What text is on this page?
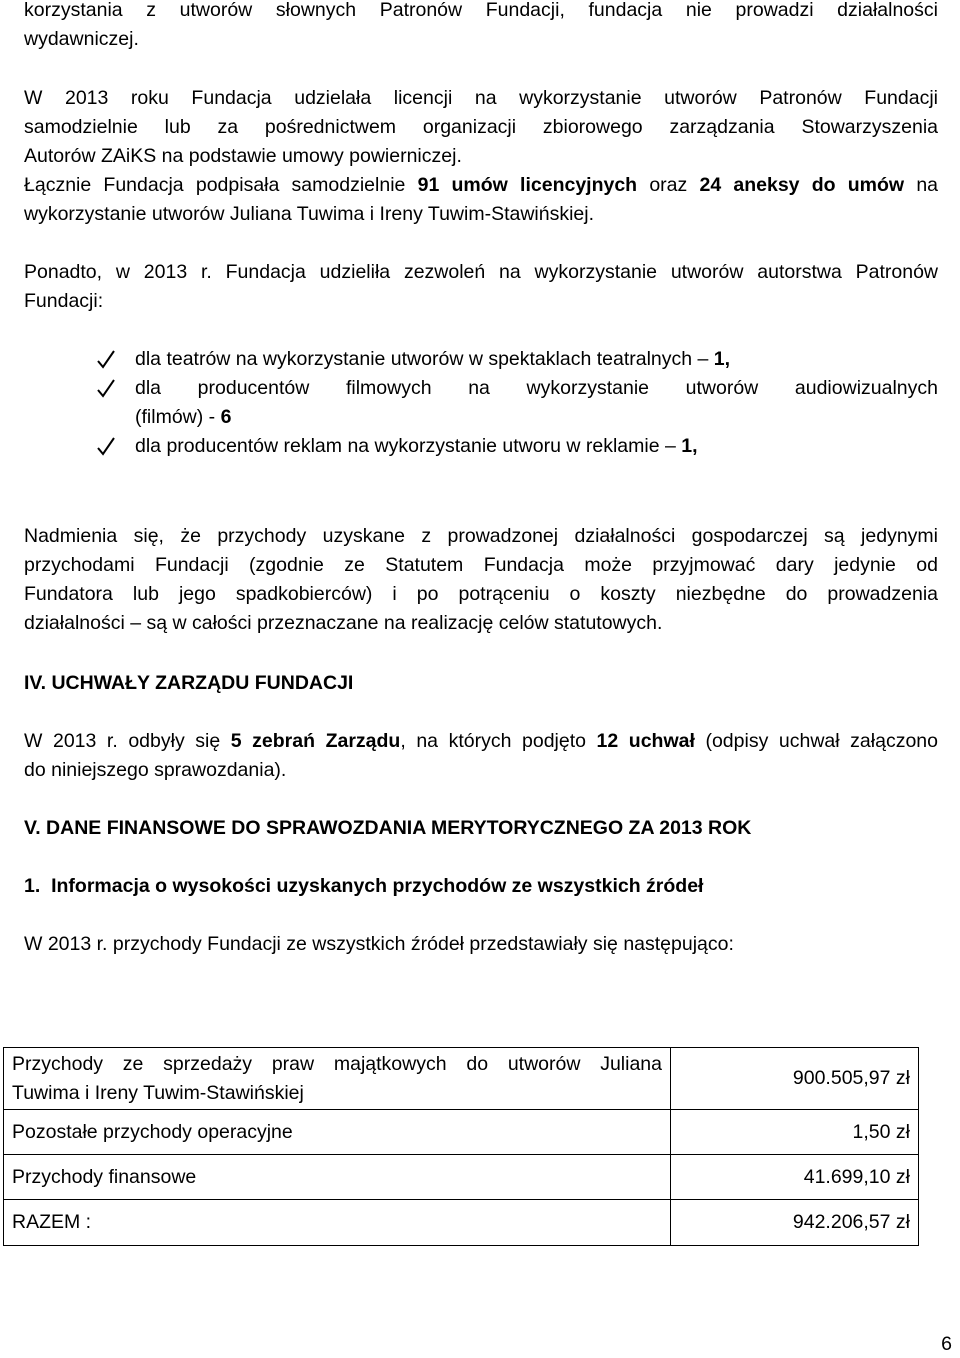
korzystania z utworów słownych Patronów Fundacji, fundacja nie prowadzi działalności
wydawniczej.
W 2013 roku Fundacja udzielała licencji na wykorzystanie utworów Patronów Fundacji
samodzielnie lub za pośrednictwem organizacji zbiorowego zarządzania Stowarzyszenia
Autorów ZAiKS na podstawie umowy powierniczej.
Łącznie Fundacja podpisała samodzielnie 91 umów licencyjnych oraz 24 aneksy do umów na
wykorzystanie utworów Juliana Tuwima i Ireny Tuwim-Stawińskiej.
Ponadto, w 2013 r. Fundacja udzieliła zezwoleń na wykorzystanie utworów autorstwa Patronów
Fundacji:
dla teatrów na wykorzystanie utworów w spektaklach teatralnych – 1,
dla producentów filmowych na wykorzystanie utworów audiowizualnych
(filmów) - 6
dla producentów reklam na wykorzystanie utworu w reklamie – 1,
Nadmienia się, że przychody uzyskane z prowadzonej działalności gospodarczej są jedynymi
przychodami Fundacji (zgodnie ze Statutem Fundacja może przyjmować dary jedynie od
Fundatora lub jego spadkobierców) i po potrąceniu o koszty niezbędne do prowadzenia
działalności – są w całości przeznaczane na realizację celów statutowych.
IV. UCHWAŁY ZARZĄDU FUNDACJI
W 2013 r. odbyły się 5 zebrań Zarządu, na których podjęto 12 uchwał (odpisy uchwał załączono
do niniejszego sprawozdania).
V. DANE FINANSOWE DO SPRAWOZDANIA MERYTORYCZNEGO ZA 2013 ROK
1.  Informacja o wysokości uzyskanych przychodów ze wszystkich źródeł
W 2013 r. przychody Fundacji ze wszystkich źródeł przedstawiały się następująco:
Przychody ze sprzedaży praw majątkowych do utworów Juliana
Tuwima i Ireny Tuwim-Stawińskiej	900.505,97 zł
Pozostałe przychody operacyjne	1,50 zł
Przychody finansowe	41.699,10 zł
RAZEM :	942.206,57 zł
6
